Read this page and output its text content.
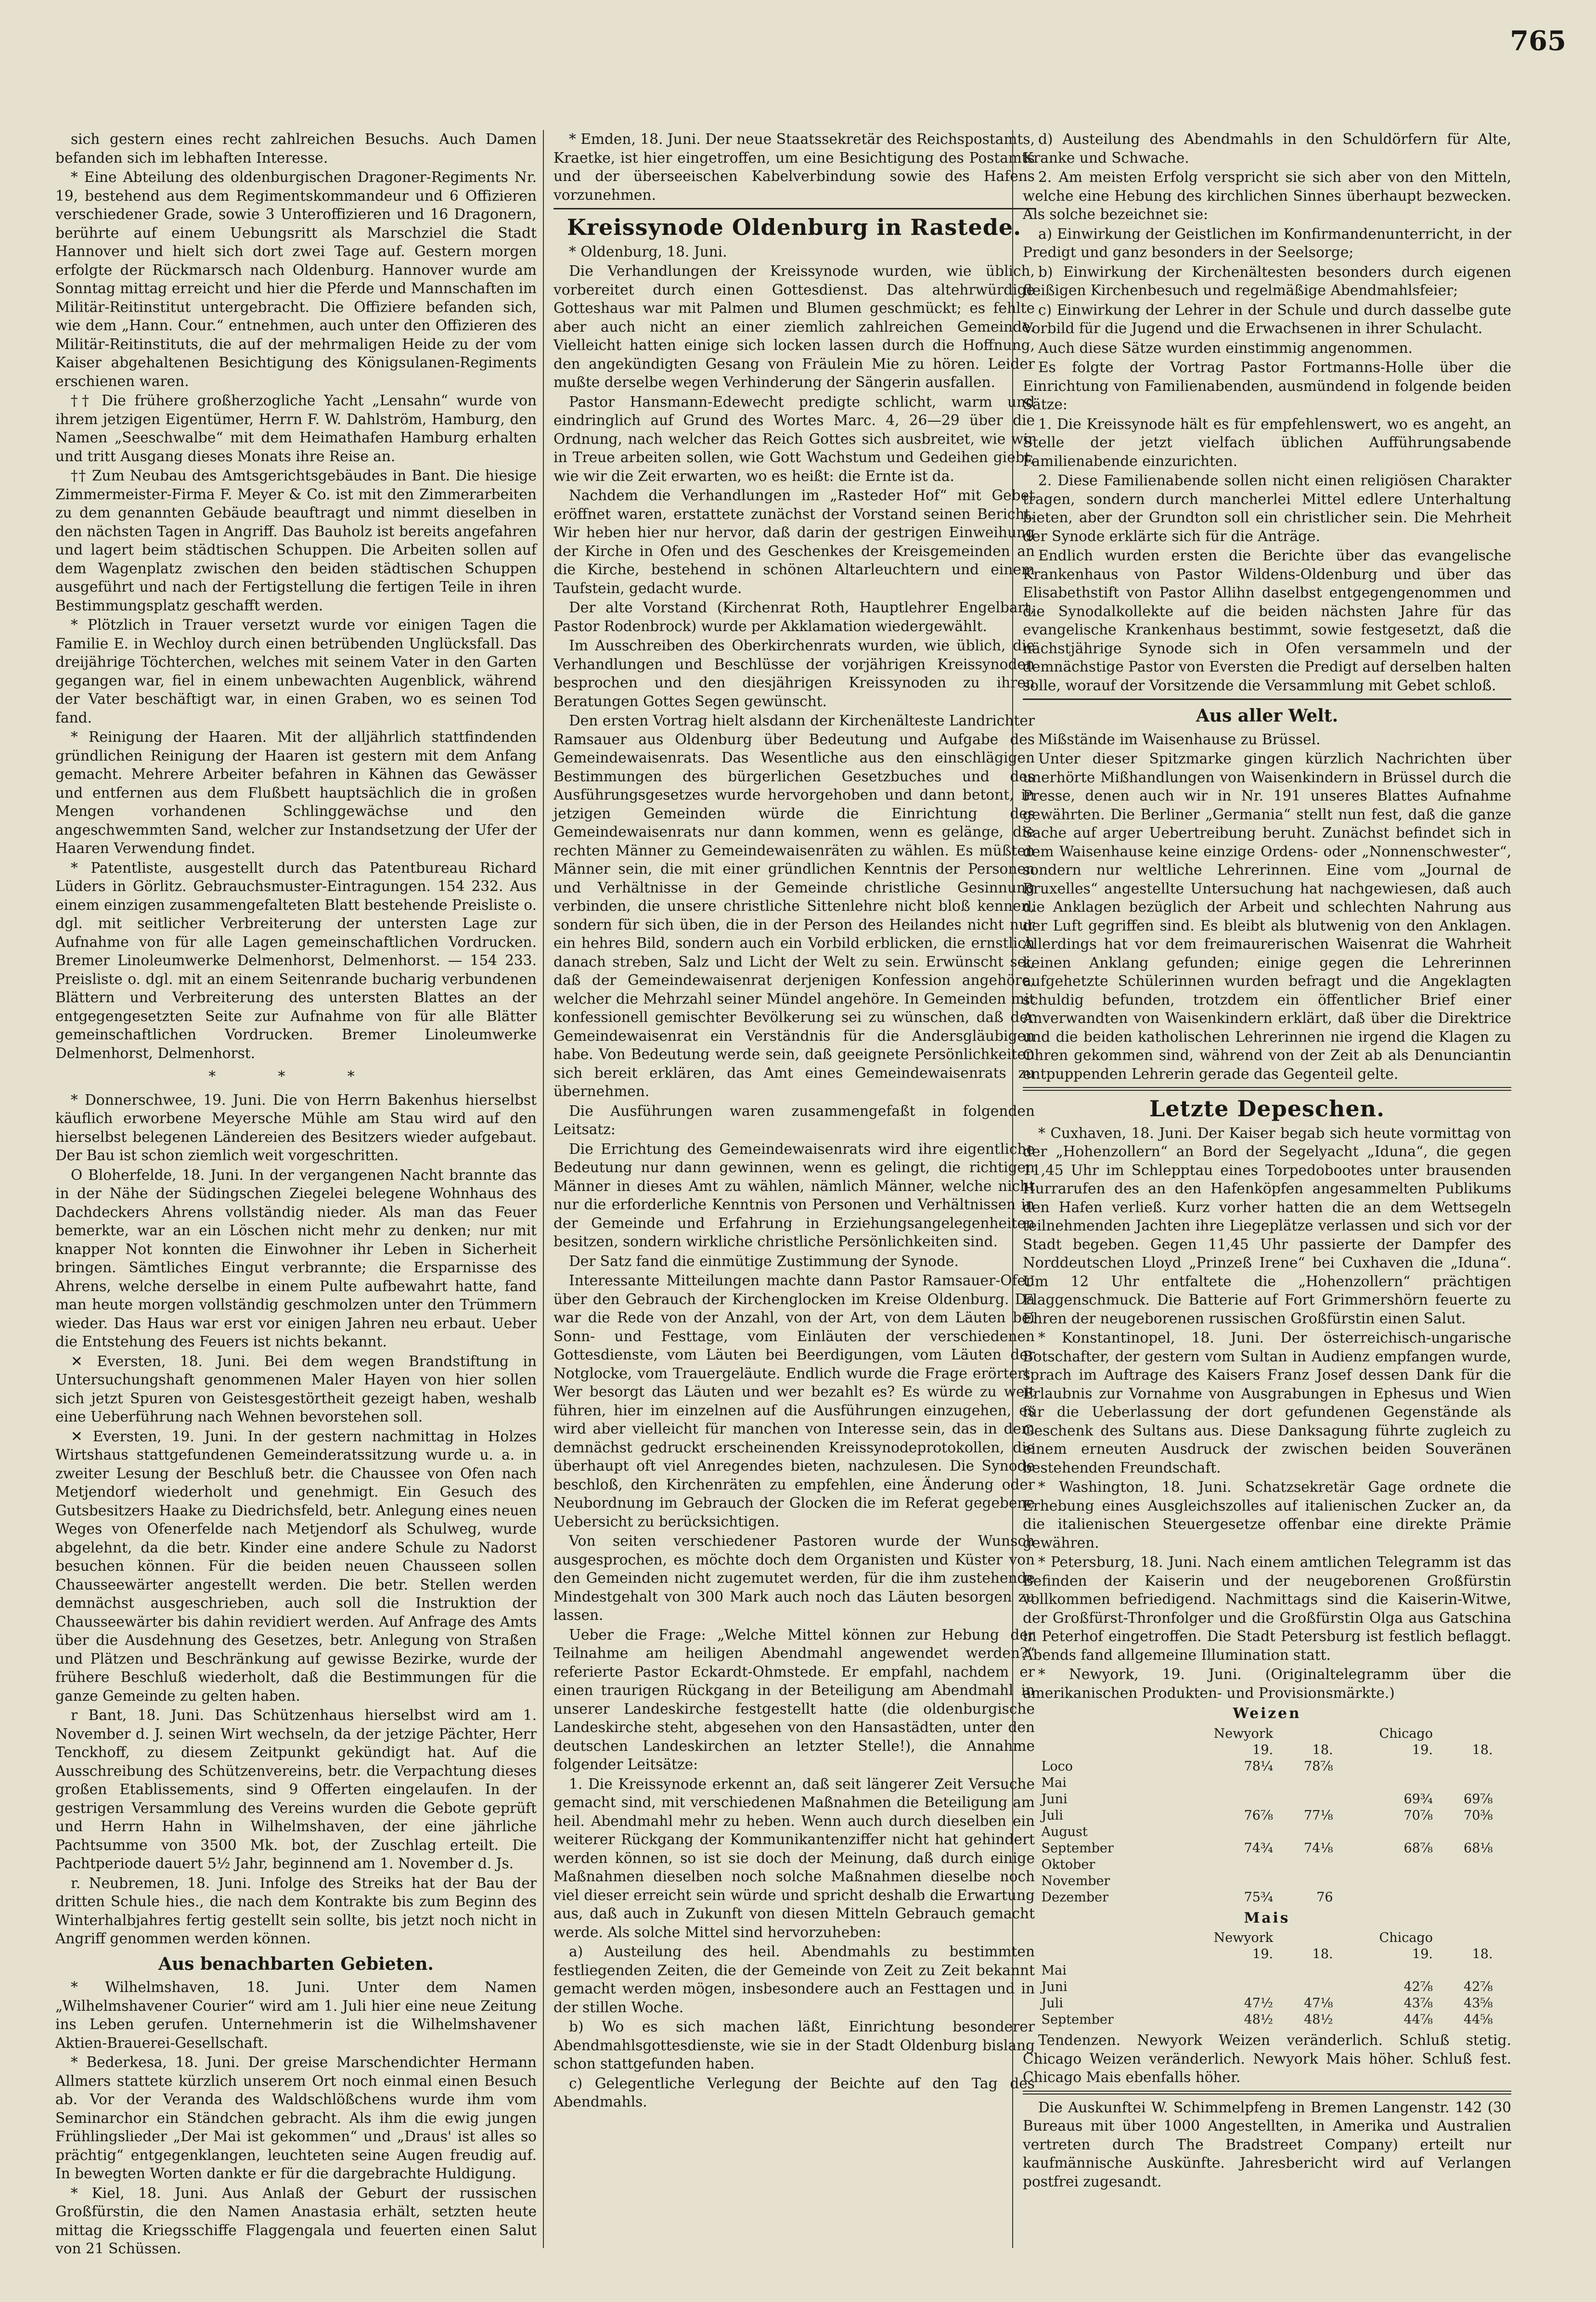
765

sich gestern eines recht zahlreichen Besuchs. Auch Damen befanden sich im lebhaften Interesse.

* Eine Abteilung des oldenburgischen Dragoner-Regiments Nr. 19, bestehend aus dem Regimentskommandeur und 6 Offizieren verschiedener Grade, sowie 3 Unteroffizieren und 16 Dragonern, berührte auf einem Uebungsritt als Marschziel die Stadt Hannover und hielt sich dort zwei Tage auf. Gestern morgen erfolgte der Rückmarsch nach Oldenburg. Hannover wurde am Sonntag mittag erreicht und hier die Pferde und Mannschaften im Militär-Reitinstitut untergebracht. Die Offiziere befanden sich, wie dem „Hann. Cour.“ entnehmen, auch unter den Offizieren des Militär-Reitinstituts, die auf der mehrmaligen Heide zu der vom Kaiser abgehaltenen Besichtigung des Königsulanen-Regiments erschienen waren.

†† Die frühere großherzogliche Yacht „Lensahn“ wurde von ihrem jetzigen Eigentümer, Herrn F. W. Dahlström, Hamburg, den Namen „Seeschwalbe“ mit dem Heimathafen Hamburg erhalten und tritt Ausgang dieses Monats ihre Reise an.

†† Zum Neubau des Amtsgerichtsgebäudes in Bant. Die hiesige Zimmermeister-Firma F. Meyer & Co. ist mit den Zimmerarbeiten zu dem genannten Gebäude beauftragt und nimmt dieselben in den nächsten Tagen in Angriff. Das Bauholz ist bereits angefahren und lagert beim städtischen Schuppen. Die Arbeiten sollen auf dem Wagenplatz zwischen den beiden städtischen Schuppen ausgeführt und nach der Fertigstellung die fertigen Teile in ihren Bestimmungsplatz geschafft werden.

* Plötzlich in Trauer versetzt wurde vor einigen Tagen die Familie E. in Wechloy durch einen betrübenden Unglücksfall. Das dreijährige Töchterchen, welches mit seinem Vater in den Garten gegangen war, fiel in einem unbewachten Augenblick, während der Vater beschäftigt war, in einen Graben, wo es seinen Tod fand.

* Reinigung der Haaren. Mit der alljährlich stattfindenden gründlichen Reinigung der Haaren ist gestern mit dem Anfang gemacht. Mehrere Arbeiter befahren in Kähnen das Gewässer und entfernen aus dem Flußbett hauptsächlich die in großen Mengen vorhandenen Schlinggewächse und den angeschwemmten Sand, welcher zur Instandsetzung der Ufer der Haaren Verwendung findet.

* Patentliste, ausgestellt durch das Patentbureau Richard Lüders in Görlitz. Gebrauchsmuster-Eintragungen. 154 232. Aus einem einzigen zusammengefalteten Blatt bestehende Preisliste o. dgl. mit seitlicher Verbreiterung der untersten Lage zur Aufnahme von für alle Lagen gemeinschaftlichen Vordrucken. Bremer Linoleumwerke Delmenhorst, Delmenhorst. — 154 233. Preisliste o. dgl. mit an einem Seitenrande bucharig verbundenen Blättern und Verbreiterung des untersten Blattes an der entgegengesetzten Seite zur Aufnahme von für alle Blätter gemeinschaftlichen Vordrucken. Bremer Linoleumwerke Delmenhorst, Delmenhorst.

* * *

* Donnerschwee, 19. Juni. Die von Herrn Bakenhus hierselbst käuflich erworbene Meyersche Mühle am Stau wird auf den hierselbst belegenen Ländereien des Besitzers wieder aufgebaut. Der Bau ist schon ziemlich weit vorgeschritten.

O Bloherfelde, 18. Juni. In der vergangenen Nacht brannte das in der Nähe der Südingschen Ziegelei belegene Wohnhaus des Dachdeckers Ahrens vollständig nieder. Als man das Feuer bemerkte, war an ein Löschen nicht mehr zu denken; nur mit knapper Not konnten die Einwohner ihr Leben in Sicherheit bringen. Sämtliches Eingut verbrannte; die Ersparnisse des Ahrens, welche derselbe in einem Pulte aufbewahrt hatte, fand man heute morgen vollständig geschmolzen unter den Trümmern wieder. Das Haus war erst vor einigen Jahren neu erbaut. Ueber die Entstehung des Feuers ist nichts bekannt.

✕ Eversten, 18. Juni. Bei dem wegen Brandstiftung in Untersuchungshaft genommenen Maler Hayen von hier sollen sich jetzt Spuren von Geistesgestörtheit gezeigt haben, weshalb eine Ueberführung nach Wehnen bevorstehen soll.

✕ Eversten, 19. Juni. In der gestern nachmittag in Holzes Wirtshaus stattgefundenen Gemeinderatssitzung wurde u. a. in zweiter Lesung der Beschluß betr. die Chaussee von Ofen nach Metjendorf wiederholt und genehmigt. Ein Gesuch des Gutsbesitzers Haake zu Diedrichsfeld, betr. Anlegung eines neuen Weges von Ofenerfelde nach Metjendorf als Schulweg, wurde abgelehnt, da die betr. Kinder eine andere Schule zu Nadorst besuchen können. Für die beiden neuen Chausseen sollen Chausseewärter angestellt werden. Die betr. Stellen werden demnächst ausgeschrieben, auch soll die Instruktion der Chausseewärter bis dahin revidiert werden. Auf Anfrage des Amts über die Ausdehnung des Gesetzes, betr. Anlegung von Straßen und Plätzen und Beschränkung auf gewisse Bezirke, wurde der frühere Beschluß wiederholt, daß die Bestimmungen für die ganze Gemeinde zu gelten haben.

r Bant, 18. Juni. Das Schützenhaus hierselbst wird am 1. November d. J. seinen Wirt wechseln, da der jetzige Pächter, Herr Tenckhoff, zu diesem Zeitpunkt gekündigt hat. Auf die Ausschreibung des Schützenvereins, betr. die Verpachtung dieses großen Etablissements, sind 9 Offerten eingelaufen. In der gestrigen Versammlung des Vereins wurden die Gebote geprüft und Herrn Hahn in Wilhelmshaven, der eine jährliche Pachtsumme von 3500 Mk. bot, der Zuschlag erteilt. Die Pachtperiode dauert 5½ Jahr, beginnend am 1. November d. Js.

r. Neubremen, 18. Juni. Infolge des Streiks hat der Bau der dritten Schule hies., die nach dem Kontrakte bis zum Beginn des Winterhalbjahres fertig gestellt sein sollte, bis jetzt noch nicht in Angriff genommen werden können.

Aus benachbarten Gebieten.

* Wilhelmshaven, 18. Juni. Unter dem Namen „Wilhelmshavener Courier“ wird am 1. Juli hier eine neue Zeitung ins Leben gerufen. Unternehmerin ist die Wilhelmshavener Aktien-Brauerei-Gesellschaft.

* Bederkesa, 18. Juni. Der greise Marschendichter Hermann Allmers stattete kürzlich unserem Ort noch einmal einen Besuch ab. Vor der Veranda des Waldschlößchens wurde ihm vom Seminarchor ein Ständchen gebracht. Als ihm die ewig jungen Frühlingslieder „Der Mai ist gekommen“ und „Draus' ist alles so prächtig“ entgegenklangen, leuchteten seine Augen freudig auf. In bewegten Worten dankte er für die dargebrachte Huldigung.

* Kiel, 18. Juni. Aus Anlaß der Geburt der russischen Großfürstin, die den Namen Anastasia erhält, setzten heute mittag die Kriegsschiffe Flaggengala und feuerten einen Salut von 21 Schüssen.

* Emden, 18. Juni. Der neue Staatssekretär des Reichspostamts, Kraetke, ist hier eingetroffen, um eine Besichtigung des Postamts und der überseeischen Kabelverbindung sowie des Hafens vorzunehmen.

Kreissynode Oldenburg in Rastede.

* Oldenburg, 18. Juni.

Die Verhandlungen der Kreissynode wurden, wie üblich, vorbereitet durch einen Gottesdienst. Das altehrwürdige Gotteshaus war mit Palmen und Blumen geschmückt; es fehlte aber auch nicht an einer ziemlich zahlreichen Gemeinde. Vielleicht hatten einige sich locken lassen durch die Hoffnung, den angekündigten Gesang von Fräulein Mie zu hören. Leider mußte derselbe wegen Verhinderung der Sängerin ausfallen.

Pastor Hansmann-Edewecht predigte schlicht, warm und eindringlich auf Grund des Wortes Marc. 4, 26—29 über die Ordnung, nach welcher das Reich Gottes sich ausbreitet, wie wir in Treue arbeiten sollen, wie Gott Wachstum und Gedeihen giebt, wie wir die Zeit erwarten, wo es heißt: die Ernte ist da.

Nachdem die Verhandlungen im „Rasteder Hof“ mit Gebet eröffnet waren, erstattete zunächst der Vorstand seinen Bericht. Wir heben hier nur hervor, daß darin der gestrigen Einweihung der Kirche in Ofen und des Geschenkes der Kreisgemeinden an die Kirche, bestehend in schönen Altarleuchtern und einem Taufstein, gedacht wurde.

Der alte Vorstand (Kirchenrat Roth, Hauptlehrer Engelbart, Pastor Rodenbrock) wurde per Akklamation wiedergewählt.

Im Ausschreiben des Oberkirchenrats wurden, wie üblich, die Verhandlungen und Beschlüsse der vorjährigen Kreissynoden besprochen und den diesjährigen Kreissynoden zu ihren Beratungen Gottes Segen gewünscht.

Den ersten Vortrag hielt alsdann der Kirchenälteste Landrichter Ramsauer aus Oldenburg über Bedeutung und Aufgabe des Gemeindewaisenrats. Das Wesentliche aus den einschlägigen Bestimmungen des bürgerlichen Gesetzbuches und des Ausführungsgesetzes wurde hervorgehoben und dann betont, in jetzigen Gemeinden würde die Einrichtung des Gemeindewaisenrats nur dann kommen, wenn es gelänge, die rechten Männer zu Gemeindewaisenräten zu wählen. Es müßten Männer sein, die mit einer gründlichen Kenntnis der Personen und Verhältnisse in der Gemeinde christliche Gesinnung verbinden, die unsere christliche Sittenlehre nicht bloß kennen, sondern für sich üben, die in der Person des Heilandes nicht nur ein hehres Bild, sondern auch ein Vorbild erblicken, die ernstlich danach streben, Salz und Licht der Welt zu sein. Erwünscht sei, daß der Gemeindewaisenrat derjenigen Konfession angehöre, welcher die Mehrzahl seiner Mündel angehöre. In Gemeinden mit konfessionell gemischter Bevölkerung sei zu wünschen, daß der Gemeindewaisenrat ein Verständnis für die Andersgläubigen habe. Von Bedeutung werde sein, daß geeignete Persönlichkeiten sich bereit erklären, das Amt eines Gemeindewaisenrats zu übernehmen.

Die Ausführungen waren zusammengefaßt in folgenden Leitsatz:

Die Errichtung des Gemeindewaisenrats wird ihre eigentliche Bedeutung nur dann gewinnen, wenn es gelingt, die richtigen Männer in dieses Amt zu wählen, nämlich Männer, welche nicht nur die erforderliche Kenntnis von Personen und Verhältnissen in der Gemeinde und Erfahrung in Erziehungsangelegenheiten besitzen, sondern wirkliche christliche Persönlichkeiten sind.

Der Satz fand die einmütige Zustimmung der Synode.

Interessante Mitteilungen machte dann Pastor Ramsauer-Ofen über den Gebrauch der Kirchenglocken im Kreise Oldenburg. Da war die Rede von der Anzahl, von der Art, von dem Läuten bei Sonn- und Festtage, vom Einläuten der verschiedenen Gottesdienste, vom Läuten bei Beerdigungen, vom Läuten der Notglocke, vom Trauergeläute. Endlich wurde die Frage erörtert: Wer besorgt das Läuten und wer bezahlt es? Es würde zu weit führen, hier im einzelnen auf die Ausführungen einzugehen, es wird aber vielleicht für manchen von Interesse sein, das in dem demnächst gedruckt erscheinenden Kreissynodeprotokollen, die überhaupt oft viel Anregendes bieten, nachzulesen. Die Synode beschloß, den Kirchenräten zu empfehlen, eine Änderung oder Neubordnung im Gebrauch der Glocken die im Referat gegebene Uebersicht zu berücksichtigen.

Von seiten verschiedener Pastoren wurde der Wunsch ausgesprochen, es möchte doch dem Organisten und Küster von den Gemeinden nicht zugemutet werden, für die ihm zustehende Mindestgehalt von 300 Mark auch noch das Läuten besorgen zu lassen.

Ueber die Frage: „Welche Mittel können zur Hebung der Teilnahme am heiligen Abendmahl angewendet werden?“ referierte Pastor Eckardt-Ohmstede. Er empfahl, nachdem er einen traurigen Rückgang in der Beteiligung am Abendmahl in unserer Landeskirche festgestellt hatte (die oldenburgische Landeskirche steht, abgesehen von den Hansastädten, unter den deutschen Landeskirchen an letzter Stelle!), die Annahme folgender Leitsätze:

1. Die Kreissynode erkennt an, daß seit längerer Zeit Versuche gemacht sind, mit verschiedenen Maßnahmen die Beteiligung am heil. Abendmahl mehr zu heben. Wenn auch durch dieselben ein weiterer Rückgang der Kommunikantenziffer nicht hat gehindert werden können, so ist sie doch der Meinung, daß durch einige Maßnahmen dieselben noch solche Maßnahmen dieselbe noch viel dieser erreicht sein würde und spricht deshalb die Erwartung aus, daß auch in Zukunft von diesen Mitteln Gebrauch gemacht werde. Als solche Mittel sind hervorzuheben:

a) Austeilung des heil. Abendmahls zu bestimmten festliegenden Zeiten, die der Gemeinde von Zeit zu Zeit bekannt gemacht werden mögen, insbesondere auch an Festtagen und in der stillen Woche.

b) Wo es sich machen läßt, Einrichtung besonderer Abendmahlsgottesdienste, wie sie in der Stadt Oldenburg bislang schon stattgefunden haben.

c) Gelegentliche Verlegung der Beichte auf den Tag des Abendmahls.

d) Austeilung des Abendmahls in den Schuldörfern für Alte, Kranke und Schwache.

2. Am meisten Erfolg verspricht sie sich aber von den Mitteln, welche eine Hebung des kirchlichen Sinnes überhaupt bezwecken. Als solche bezeichnet sie:

a) Einwirkung der Geistlichen im Konfirmandenunterricht, in der Predigt und ganz besonders in der Seelsorge;

b) Einwirkung der Kirchenältesten besonders durch eigenen fleißigen Kirchenbesuch und regelmäßige Abendmahlsfeier;

c) Einwirkung der Lehrer in der Schule und durch dasselbe gute Vorbild für die Jugend und die Erwachsenen in ihrer Schulacht.

Auch diese Sätze wurden einstimmig angenommen.

Es folgte der Vortrag Pastor Fortmanns-Holle über die Einrichtung von Familienabenden, ausmündend in folgende beiden Sätze:

1. Die Kreissynode hält es für empfehlenswert, wo es angeht, an Stelle der jetzt vielfach üblichen Aufführungsabende Familienabende einzurichten.

2. Diese Familienabende sollen nicht einen religiösen Charakter tragen, sondern durch mancherlei Mittel edlere Unterhaltung bieten, aber der Grundton soll ein christlicher sein. Die Mehrheit der Synode erklärte sich für die Anträge.

Endlich wurden ersten die Berichte über das evangelische Krankenhaus von Pastor Wildens-Oldenburg und über das Elisabethstift von Pastor Allihn daselbst entgegengenommen und die Synodalkollekte auf die beiden nächsten Jahre für das evangelische Krankenhaus bestimmt, sowie festgesetzt, daß die nächstjährige Synode sich in Ofen versammeln und der demnächstige Pastor von Eversten die Predigt auf derselben halten solle, worauf der Vorsitzende die Versammlung mit Gebet schloß.

Aus aller Welt.

Mißstände im Waisenhause zu Brüssel.

Unter dieser Spitzmarke gingen kürzlich Nachrichten über unerhörte Mißhandlungen von Waisenkindern in Brüssel durch die Presse, denen auch wir in Nr. 191 unseres Blattes Aufnahme gewährten. Die Berliner „Germania“ stellt nun fest, daß die ganze Sache auf arger Uebertreibung beruht. Zunächst befindet sich in dem Waisenhause keine einzige Ordens- oder „Nonnenschwester“, sondern nur weltliche Lehrerinnen. Eine vom „Journal de Bruxelles“ angestellte Untersuchung hat nachgewiesen, daß auch die Anklagen bezüglich der Arbeit und schlechten Nahrung aus der Luft gegriffen sind. Es bleibt als blutwenig von den Anklagen. Allerdings hat vor dem freimaurerischen Waisenrat die Wahrheit keinen Anklang gefunden; einige gegen die Lehrerinnen aufgehetzte Schülerinnen wurden befragt und die Angeklagten schuldig befunden, trotzdem ein öffentlicher Brief einer Anverwandten von Waisenkindern erklärt, daß über die Direktrice und die beiden katholischen Lehrerinnen nie irgend die Klagen zu Ohren gekommen sind, während von der Zeit ab als Denunciantin entpuppenden Lehrerin gerade das Gegenteil gelte.

Letzte Depeschen.

* Cuxhaven, 18. Juni. Der Kaiser begab sich heute vormittag von der „Hohenzollern“ an Bord der Segelyacht „Iduna“, die gegen 11,45 Uhr im Schlepptau eines Torpedobootes unter brausenden Hurrarufen des an den Hafenköpfen angesammelten Publikums den Hafen verließ. Kurz vorher hatten die an dem Wettsegeln teilnehmenden Jachten ihre Liegeplätze verlassen und sich vor der Stadt begeben. Gegen 11,45 Uhr passierte der Dampfer des Norddeutschen Lloyd „Prinzeß Irene“ bei Cuxhaven die „Iduna“. Um 12 Uhr entfaltete die „Hohenzollern“ prächtigen Flaggenschmuck. Die Batterie auf Fort Grimmershörn feuerte zu Ehren der neugeborenen russischen Großfürstin einen Salut.

* Konstantinopel, 18. Juni. Der österreichisch-ungarische Botschafter, der gestern vom Sultan in Audienz empfangen wurde, sprach im Auftrage des Kaisers Franz Josef dessen Dank für die Erlaubnis zur Vornahme von Ausgrabungen in Ephesus und Wien für die Ueberlassung der dort gefundenen Gegenstände als Geschenk des Sultans aus. Diese Danksagung führte zugleich zu einem erneuten Ausdruck der zwischen beiden Souveränen bestehenden Freundschaft.

* Washington, 18. Juni. Schatzsekretär Gage ordnete die Erhebung eines Ausgleichszolles auf italienischen Zucker an, da die italienischen Steuergesetze offenbar eine direkte Prämie gewähren.

* Petersburg, 18. Juni. Nach einem amtlichen Telegramm ist das Befinden der Kaiserin und der neugeborenen Großfürstin vollkommen befriedigend. Nachmittags sind die Kaiserin-Witwe, der Großfürst-Thronfolger und die Großfürstin Olga aus Gatschina in Peterhof eingetroffen. Die Stadt Petersburg ist festlich beflaggt. Abends fand allgemeine Illumination statt.

* Newyork, 19. Juni. (Originaltelegramm über die amerikanischen Produkten- und Provisionsmärkte.)

Weizen
	Newyork		Chicago	
	19.	18.	19.	18.
Loco	78¼	78⅞		
Mai				
Juni			69¾	69⅞
Juli	76⅞	77⅛	70⅞	70⅜
August				
September	74¾	74⅛	68⅞	68⅛
Oktober				
November				
Dezember	75¾	76		
Mais
	Newyork		Chicago	
	19.	18.	19.	18.
Mai				
Juni			42⅞	42⅞
Juli	47½	47⅛	43⅞	43⅝
September	48½	48½	44⅞	44⅝

Tendenzen. Newyork Weizen veränderlich. Schluß stetig. Chicago Weizen veränderlich. Newyork Mais höher. Schluß fest. Chicago Mais ebenfalls höher.

Die Auskunftei W. Schimmelpfeng in Bremen Langenstr. 142 (30 Bureaus mit über 1000 Angestellten, in Amerika und Australien vertreten durch The Bradstreet Company) erteilt nur kaufmännische Auskünfte. Jahresbericht wird auf Verlangen postfrei zugesandt.
